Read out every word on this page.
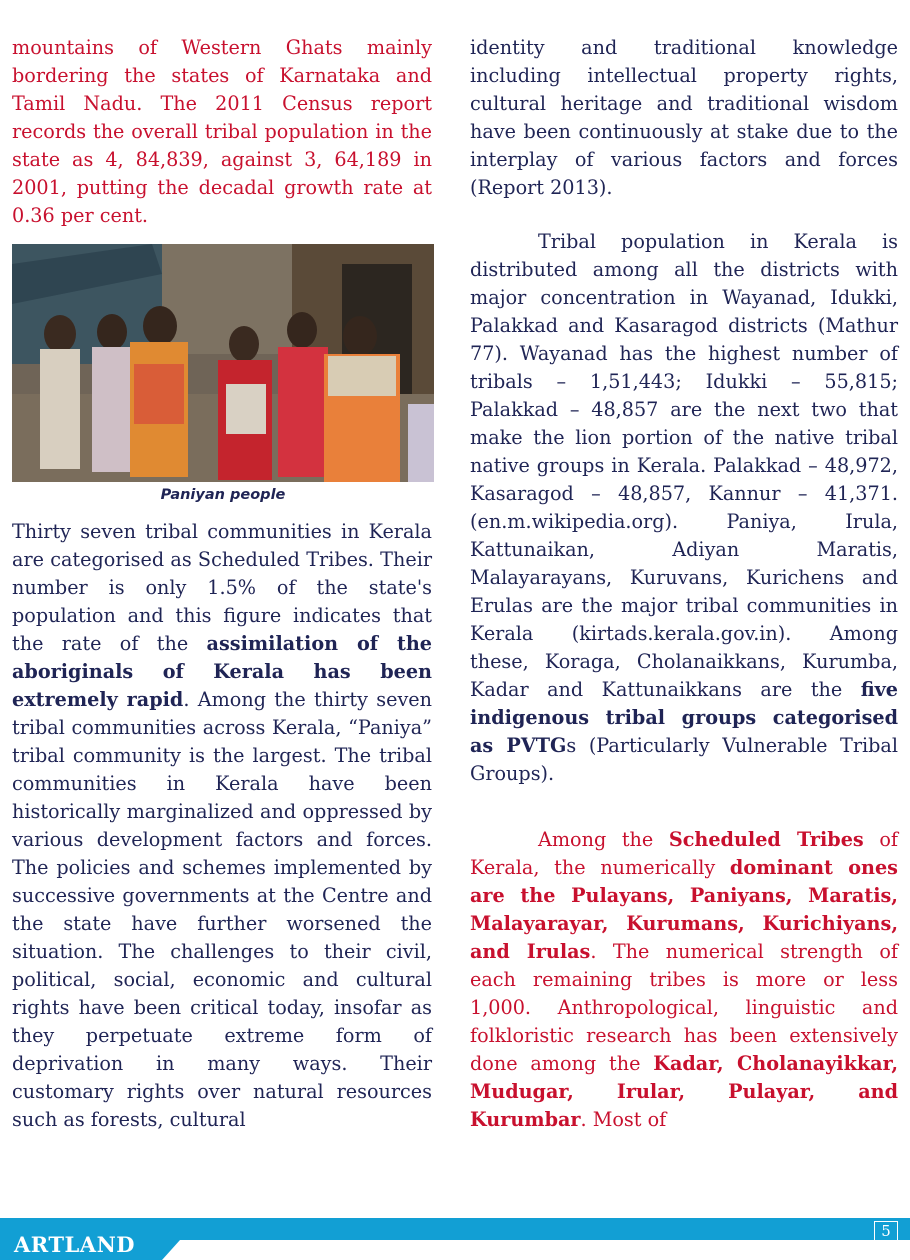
mountains of Western Ghats mainly bordering the states of Karnataka and Tamil Nadu. The 2011 Census report records the overall tribal population in the state as 4, 84,839, against 3, 64,189 in 2001, putting the decadal growth rate at 0.36 per cent.

Paniyan people

Thirty seven tribal communities in Kerala are categorised as Scheduled Tribes. Their number is only 1.5% of the state's population and this figure indicates that the rate of the assimilation of the aboriginals of Kerala has been extremely rapid. Among the thirty seven tribal communities across Kerala, “Paniya” tribal community is the largest. The tribal communities in Kerala have been historically marginalized and oppressed by various development factors and forces. The policies and schemes implemented by successive governments at the Centre and the state have further worsened the situation. The challenges to their civil, political, social, economic and cultural rights have been critical today, insofar as they perpetuate extreme form of deprivation in many ways. Their customary rights over natural resources such as forests, cultural

identity and traditional knowledge including intellectual property rights, cultural heritage and traditional wisdom have been continuously at stake due to the interplay of various factors and forces (Report 2013).

Tribal population in Kerala is distributed among all the districts with major concentration in Wayanad, Idukki, Palakkad and Kasaragod districts (Mathur 77). Wayanad has the highest number of tribals – 1,51,443; Idukki – 55,815; Palakkad – 48,857 are the next two that make the lion portion of the native tribal native groups in Kerala. Palakkad – 48,972, Kasaragod – 48,857, Kannur – 41,371. (en.m.wikipedia.org). Paniya, Irula, Kattunaikan, Adiyan Maratis, Malayarayans, Kuruvans, Kurichens and Erulas are the major tribal communities in Kerala (kirtads.kerala.gov.in). Among these, Koraga, Cholanaikkans, Kurumba, Kadar and Kattunaikkans are the five indigenous tribal groups categorised as PVTGs (Particularly Vulnerable Tribal Groups).

Among the Scheduled Tribes of Kerala, the numerically dominant ones are the Pulayans, Paniyans, Maratis, Malayarayar, Kurumans, Kurichiyans, and Irulas. The numerical strength of each remaining tribes is more or less 1,000. Anthropological, linguistic and folkloristic research has been extensively done among the Kadar, Cholanayikkar, Mudugar, Irular, Pulayar, and Kurumbar. Most of

ARTLAND
5
